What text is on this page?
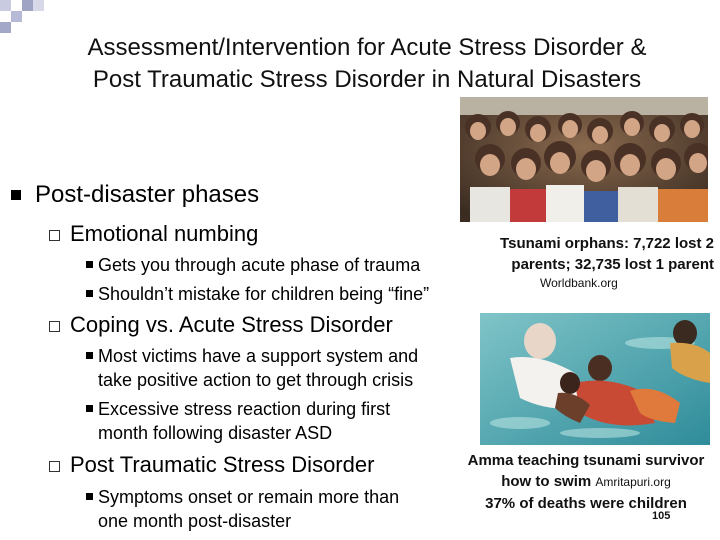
Assessment/Intervention for Acute Stress Disorder &
Post Traumatic Stress Disorder in Natural Disasters
Post-disaster phases
Emotional numbing
Gets you through acute phase of trauma
Shouldn’t mistake for children being “fine”
Coping vs. Acute Stress Disorder
Most victims have a support system and
take positive action to get through crisis
Excessive stress reaction during first
month following disaster ASD
Post Traumatic Stress Disorder
Symptoms onset or remain more than
one month post-disaster
Tsunami orphans: 7,722 lost 2
parents; 32,735 lost 1 parent
Worldbank.org
Amma teaching tsunami survivor
how to swim Amritapuri.org
37% of deaths were children
105
